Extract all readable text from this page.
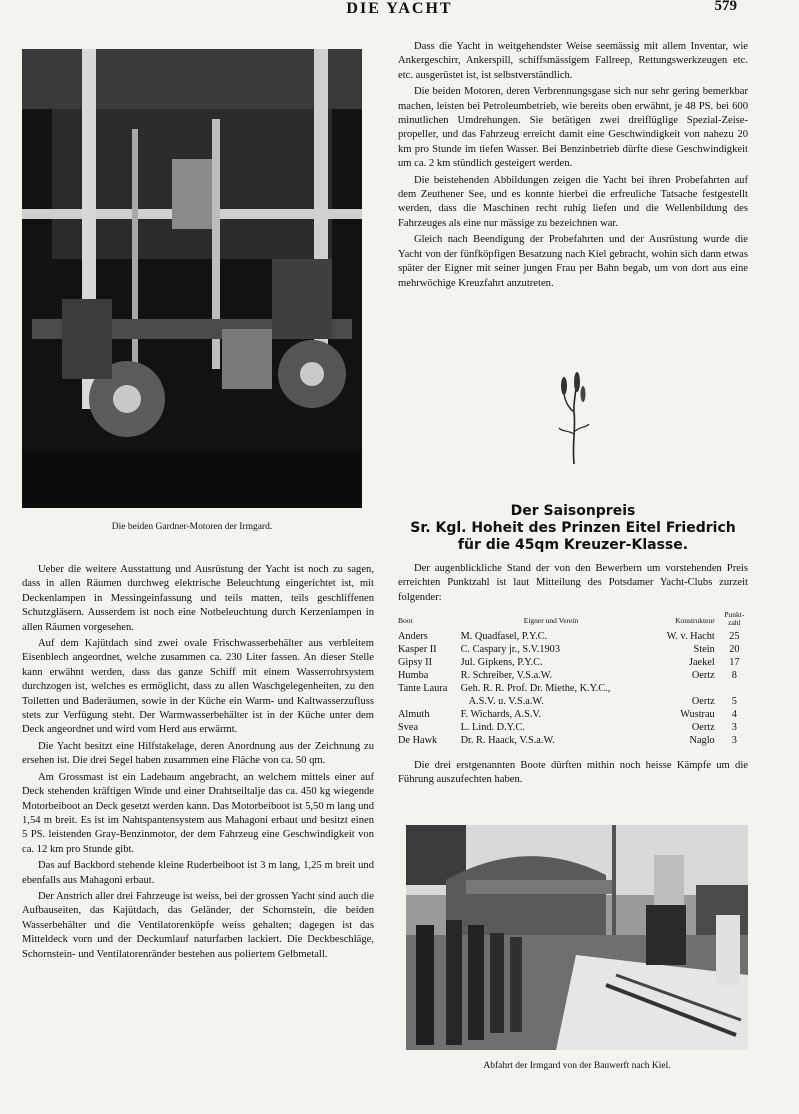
DIE YACHT	579
Die beiden Gardner-Motoren der Irmgard.

Ueber die weitere Ausstattung und Ausrüstung der Yacht ist noch zu sagen, dass in allen Räumen durchweg elektrische Beleuchtung eingerichtet ist, mit Deckenlampen in Messingeinfassung und teils matten, teils geschliffenen Schutzgläsern. Ausserdem ist noch eine Notbeleuchtung durch Kerzenlampen in allen Räumen vorgesehen.

Auf dem Kajütdach sind zwei ovale Frischwasserbehälter aus verbleitem Eisenblech angeordnet, welche zusammen ca. 230 Liter fassen. An dieser Stelle kann erwähnt werden, dass das ganze Schiff mit einem Wasserrohrsystem durchzogen ist, welches es ermöglicht, dass zu allen Waschgelegenheiten, zu den Toiletten und Baderäumen, sowie in der Küche ein Warm- und Kaltwasserzufluss stets zur Verfügung steht. Der Warmwasserbehälter ist in der Küche unter dem Deck angeordnet und wird vom Herd aus erwärmt.

Die Yacht besitzt eine Hilfstakelage, deren Anordnung aus der Zeichnung zu ersehen ist. Die drei Segel haben zusammen eine Fläche von ca. 50 qm.

Am Grossmast ist ein Ladebaum angebracht, an welchem mittels einer auf Deck stehenden kräftigen Winde und einer Drahtseiltalje das ca. 450 kg wiegende Motorbeiboot an Deck gesetzt werden kann. Das Motorbeiboot ist 5,50 m lang und 1,54 m breit. Es ist im Nahtspantensystem aus Mahagoni erbaut und besitzt einen 5 PS. leistenden Gray-Benzinmotor, der dem Fahrzeug eine Geschwindigkeit von ca. 12 km pro Stunde gibt.

Das auf Backbord stehende kleine Ruderbeiboot ist 3 m lang, 1,25 m breit und ebenfalls aus Mahagoni erbaut.

Der Anstrich aller drei Fahrzeuge ist weiss, bei der grossen Yacht sind auch die Aufbauseiten, das Kajütdach, das Geländer, der Schornstein, die beiden Wasserbehälter und die Ventilatorenköpfe weiss gehalten; dagegen ist das Mitteldeck vorn und der Deckumlauf naturfarben lackiert. Die Deckbeschläge, Schornstein- und Ventilatorenränder bestehen aus poliertem Gelbmetall.

Dass die Yacht in weitgehendster Weise seemässig mit allem Inventar, wie Ankergeschirr, Ankerspill, schiffsmässigem Fallreep, Rettungswerkzeugen etc. etc. ausgerüstet ist, ist selbstverständlich.

Die beiden Motoren, deren Verbrennungsgase sich nur sehr gering bemerkbar machen, leisten bei Petroleumbetrieb, wie bereits oben erwähnt, je 48 PS. bei 600 minutlichen Umdrehungen. Sie betätigen zwei dreiflüglige Spezial-Zeise-propeller, und das Fahrzeug erreicht damit eine Geschwindigkeit von nahezu 20 km pro Stunde im tiefen Wasser. Bei Benzinbetrieb dürfte diese Geschwindigkeit um ca. 2 km stündlich gesteigert werden.

Die beistehenden Abbildungen zeigen die Yacht bei ihren Probefahrten auf dem Zeuthener See, und es konnte hierbei die erfreuliche Tatsache festgestellt werden, dass die Maschinen recht ruhig liefen und die Wellenbildung des Fahrzeuges als eine nur mässige zu bezeichnen war.

Gleich nach Beendigung der Probefahrten und der Ausrüstung wurde die Yacht von der fünfköpfigen Besatzung nach Kiel gebracht, wohin sich dann etwas später der Eigner mit seiner jungen Frau per Bahn begab, um von dort aus eine mehrwöchige Kreuzfahrt anzutreten.

Der Saisonpreis
Sr. Kgl. Hoheit des Prinzen Eitel Friedrich
für die 45qm Kreuzer-Klasse.

Der augenblickliche Stand der von den Bewerbern um vorstehenden Preis erreichten Punktzahl ist laut Mitteilung des Potsdamer Yacht-Clubs zurzeit folgender:

Boot	Eigner und Verein	Konstrukteur	Punkt-zahl
Anders	M. Quadfasel, P.Y.C.	W. v. Hacht	25
Kasper II	C. Caspary jr., S.V.1903	Stein	20
Gipsy II	Jul. Gipkens, P.Y.C.	Jaekel	17
Humba	R. Schreiber, V.S.a.W.	Oertz	8
Tante Laura	Geh. R. R. Prof. Dr. Miethe, K.Y.C.,		
	A.S.V. u. V.S.a.W.	Oertz	5
Almuth	F. Wichards, A.S.V.	Wustrau	4
Svea	L. Lind. D.Y.C.	Oertz	3
De Hawk	Dr. R. Haack, V.S.a.W.	Naglo	3

Die drei erstgenannten Boote dürften mithin noch heisse Kämpfe um die Führung auszufechten haben.

Abfahrt der Irmgard von der Bauwerft nach Kiel.
